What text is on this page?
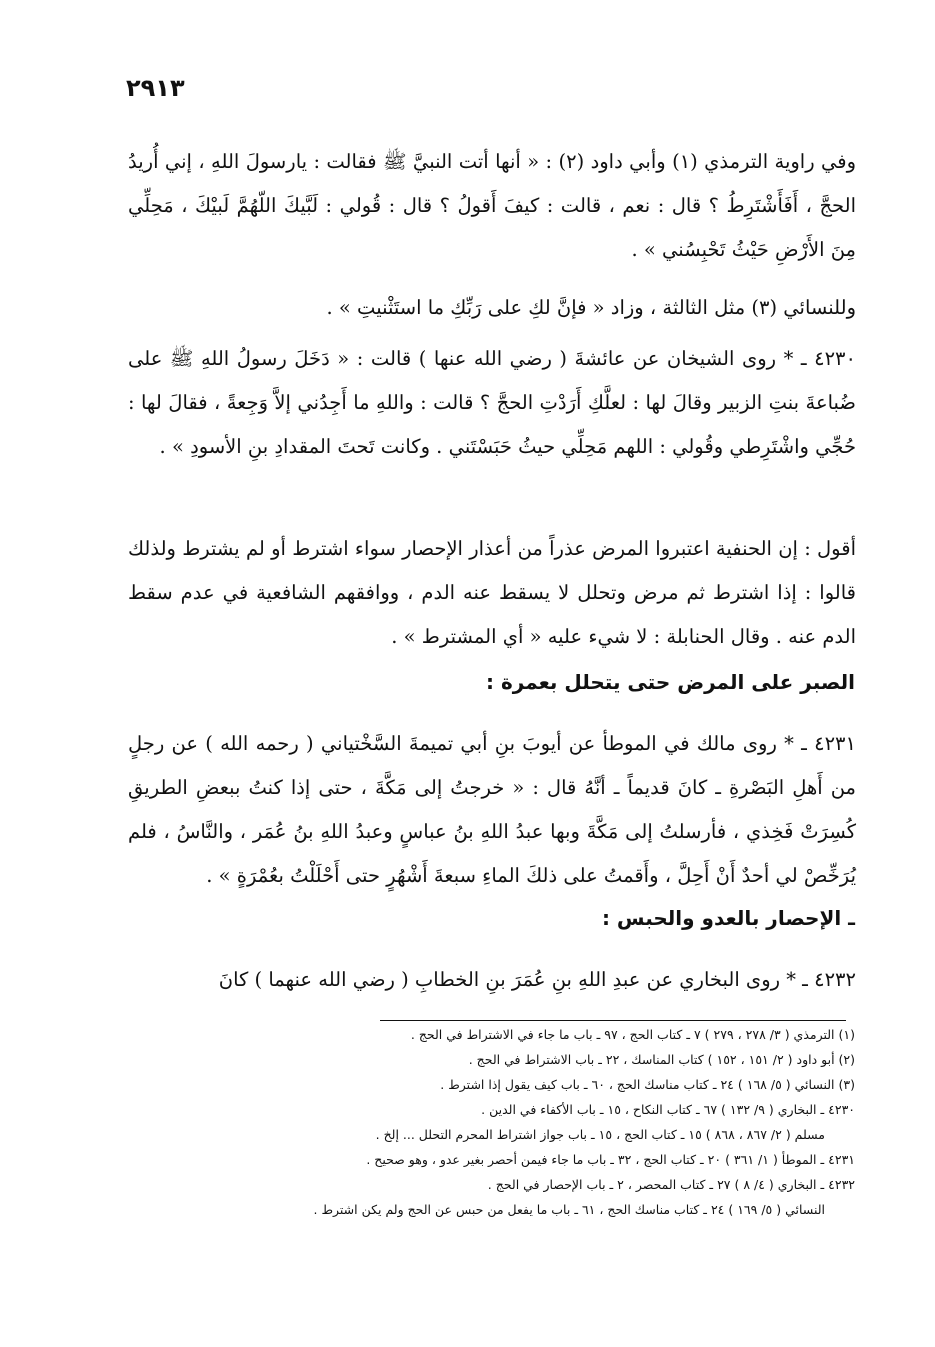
٢٩١٣

وفي راوية الترمذي (١) وأبي داود (٢) : « أنها أتت النبيَّ ﷺ فقالت : يارسولَ اللهِ ، إني أُريدُ الحجَّ ، أَفَأَشْتَرِطُ ؟ قال : نعم ، قالت : كيفَ أَقولُ ؟ قال : قُولي : لَبَّيكَ اللّهُمَّ لَبيْكَ ، مَحِلِّي مِنَ الأَرْضِ حَيْثُ تَحْبِسُني » .

وللنسائي (٣) مثل الثالثة ، وزاد « فإنَّ لكِ على رَبِّكِ ما استَثْنيتِ » .

٤٢٣٠ ـ * روى الشيخان عن عائشةَ ( رضي الله عنها ) قالت : « دَخَلَ رسولُ اللهِ ﷺ على ضُباعةَ بنتِ الزبير وقالَ لها : لعلَّكِ أَرَدْتِ الحجَّ ؟ قالت : واللهِ ما أَجِدُني إلاَّ وَجِعةً ، فقالَ لها : حُجِّي واشْتَرِطي وقُولي : اللهم مَحِلِّي حيثُ حَبَسْتَني . وكانت تَحتَ المقدادِ بنِ الأسودِ » .

أقول : إن الحنفية اعتبروا المرض عذراً من أعذار الإحصار سواء اشترط أو لم يشترط ولذلك قالوا : إذا اشترط ثم مرض وتحلل لا يسقط عنه الدم ، ووافقهم الشافعية في عدم سقط الدم عنه . وقال الحنابلة : لا شيء عليه « أي المشترط » .

الصبر على المرض حتى يتحلل بعمرة :

٤٢٣١ ـ * روى مالك في الموطأ عن أيوبَ بنِ أبي تميمةَ السَّخْتياني ( رحمه الله ) عن رجلٍ من أَهلِ البَصْرةِ ـ كانَ قديماً ـ أنَّهُ قال : « خرجتُ إلى مَكَّةَ ، حتى إذا كنتُ ببعضِ الطريقِ كُسِرَتْ فَخِذي ، فأرسلتُ إلى مَكَّةَ وبها عبدُ اللهِ بنُ عباسٍ وعبدُ اللهِ بنُ عُمَر ، والنَّاسُ ، فلم يُرَخِّصْ لي أحدٌ أَنْ أَحِلَّ ، وأَقمتُ على ذلكَ الماءِ سبعةَ أَشْهُرٍ حتى أَحْلَلْتُ بعُمْرَةٍ » .

ـ الإحصار بالعدو والحبس :

٤٢٣٢ ـ * روى البخاري عن عبدِ اللهِ بنِ عُمَرَ بنِ الخطابِ ( رضي الله عنهما ) كانَ

(١) الترمذي ( ٣/ ٢٧٨ ، ٢٧٩ ) ٧ ـ كتاب الحج ، ٩٧ ـ باب ما جاء في الاشتراط في الحج .
(٢) أبو داود ( ٢/ ١٥١ ، ١٥٢ ) كتاب المناسك ، ٢٢ ـ باب الاشتراط في الحج .
(٣) النسائي ( ٥/ ١٦٨ ) ٢٤ ـ كتاب مناسك الحج ، ٦٠ ـ باب كيف يقول إذا اشترط .
٤٢٣٠ ـ البخاري ( ٩/ ١٣٢ ) ٦٧ ـ كتاب النكاح ، ١٥ ـ باب الأكفاء في الدين .
مسلم ( ٢/ ٨٦٧ ، ٨٦٨ ) ١٥ ـ كتاب الحج ، ١٥ ـ باب جواز اشتراط المحرم التحلل ... إلخ .
٤٢٣١ ـ الموطأ ( ١/ ٣٦١ ) ٢٠ ـ كتاب الحج ، ٣٢ ـ باب ما جاء فيمن أحصر بغير عدو ، وهو صحيح .
٤٢٣٢ ـ البخاري ( ٤/ ٨ ) ٢٧ ـ كتاب المحصر ، ٢ ـ باب الإحصار في الحج .
النسائي ( ٥/ ١٦٩ ) ٢٤ ـ كتاب مناسك الحج ، ٦١ ـ باب ما يفعل من حبس عن الحج ولم يكن اشترط .
